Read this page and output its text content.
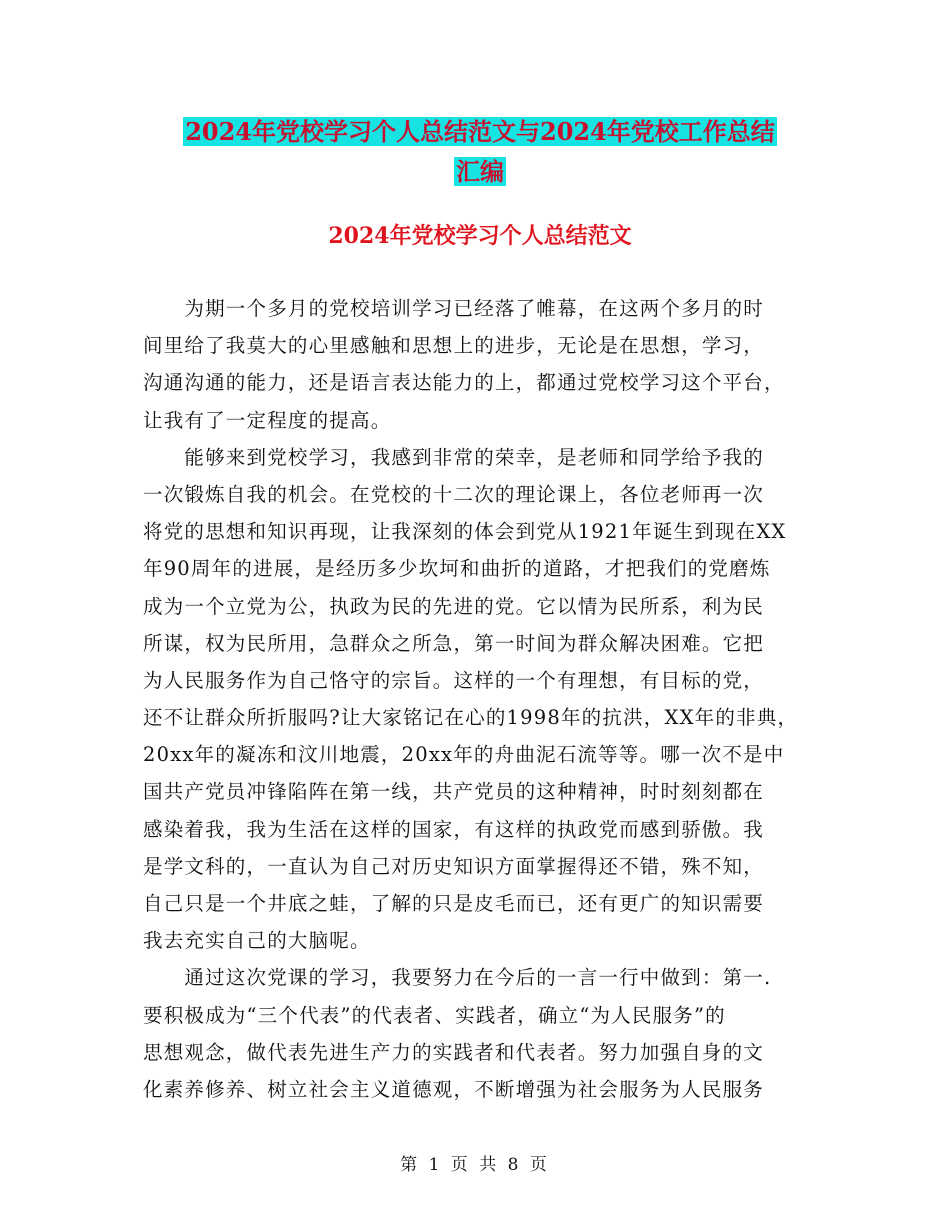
2024年党校学习个人总结范文与2024年党校工作总结
汇编
2024年党校学习个人总结范文
　　为期一个多月的党校培训学习已经落了帷幕，在这两个多月的时
间里给了我莫大的心里感触和思想上的进步，无论是在思想，学习，
沟通沟通的能力，还是语言表达能力的上，都通过党校学习这个平台，
让我有了一定程度的提高。
　　能够来到党校学习，我感到非常的荣幸，是老师和同学给予我的
一次锻炼自我的机会。在党校的十二次的理论课上，各位老师再一次
将党的思想和知识再现，让我深刻的体会到党从1921年诞生到现在XX
年90周年的进展，是经历多少坎坷和曲折的道路，才把我们的党磨炼
成为一个立党为公，执政为民的先进的党。它以情为民所系，利为民
所谋，权为民所用，急群众之所急，第一时间为群众解决困难。它把
为人民服务作为自己恪守的宗旨。这样的一个有理想，有目标的党，
还不让群众所折服吗?让大家铭记在心的1998年的抗洪，XX年的非典，
20xx年的凝冻和汶川地震，20xx年的舟曲泥石流等等。哪一次不是中
国共产党员冲锋陷阵在第一线，共产党员的这种精神，时时刻刻都在
感染着我，我为生活在这样的国家，有这样的执政党而感到骄傲。我
是学文科的，一直认为自己对历史知识方面掌握得还不错，殊不知，
自己只是一个井底之蛙，了解的只是皮毛而已，还有更广的知识需要
我去充实自己的大脑呢。
　　通过这次党课的学习，我要努力在今后的一言一行中做到：第一.
要积极成为“三个代表”的代表者、实践者，确立“为人民服务”的
思想观念，做代表先进生产力的实践者和代表者。努力加强自身的文
化素养修养、树立社会主义道德观，不断增强为社会服务为人民服务
第 1 页 共 8 页
